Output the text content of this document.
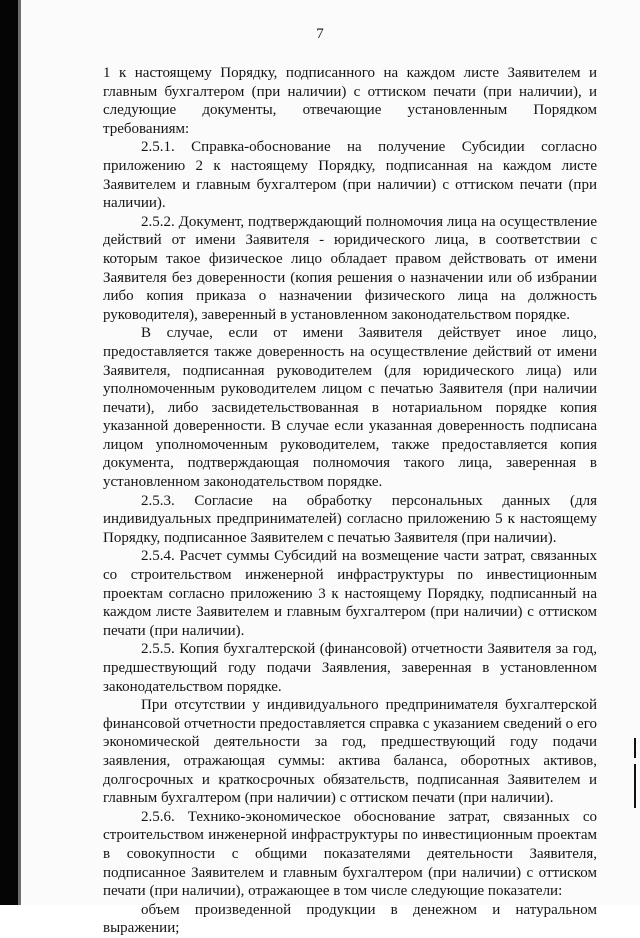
7

1 к настоящему Порядку, подписанного на каждом листе Заявителем и главным бухгалтером (при наличии) с оттиском печати (при наличии), и следующие документы, отвечающие установленным Порядком требованиям:

2.5.1. Справка-обоснование на получение Субсидии согласно приложению 2 к настоящему Порядку, подписанная на каждом листе Заявителем и главным бухгалтером (при наличии) с оттиском печати (при наличии).

2.5.2. Документ, подтверждающий полномочия лица на осуществление действий от имени Заявителя - юридического лица, в соответствии с которым такое физическое лицо обладает правом действовать от имени Заявителя без доверенности (копия решения о назначении или об избрании либо копия приказа о назначении физического лица на должность руководителя), заверенный в установленном законодательством порядке.

В случае, если от имени Заявителя действует иное лицо, предоставляется также доверенность на осуществление действий от имени Заявителя, подписанная руководителем (для юридического лица) или уполномоченным руководителем лицом с печатью Заявителя (при наличии печати), либо засвидетельствованная в нотариальном порядке копия указанной доверенности. В случае если указанная доверенность подписана лицом уполномоченным руководителем, также предоставляется копия документа, подтверждающая полномочия такого лица, заверенная в установленном законодательством порядке.

2.5.3. Согласие на обработку персональных данных (для индивидуальных предпринимателей) согласно приложению 5 к настоящему Порядку, подписанное Заявителем с печатью Заявителя (при наличии).

2.5.4. Расчет суммы Субсидий на возмещение части затрат, связанных со строительством инженерной инфраструктуры по инвестиционным проектам согласно приложению 3 к настоящему Порядку, подписанный на каждом листе Заявителем и главным бухгалтером (при наличии) с оттиском печати (при наличии).

2.5.5. Копия бухгалтерской (финансовой) отчетности Заявителя за год, предшествующий году подачи Заявления, заверенная в установленном законодательством порядке.

При отсутствии у индивидуального предпринимателя бухгалтерской финансовой отчетности предоставляется справка с указанием сведений о его экономической деятельности за год, предшествующий году подачи заявления, отражающая суммы: актива баланса, оборотных активов, долгосрочных и краткосрочных обязательств, подписанная Заявителем и главным бухгалтером (при наличии) с оттиском печати (при наличии).

2.5.6. Технико-экономическое обоснование затрат, связанных со строительством инженерной инфраструктуры по инвестиционным проектам в совокупности с общими показателями деятельности Заявителя, подписанное Заявителем и главным бухгалтером (при наличии) с оттиском печати (при наличии), отражающее в том числе следующие показатели:

объем произведенной продукции в денежном и натуральном выражении;
